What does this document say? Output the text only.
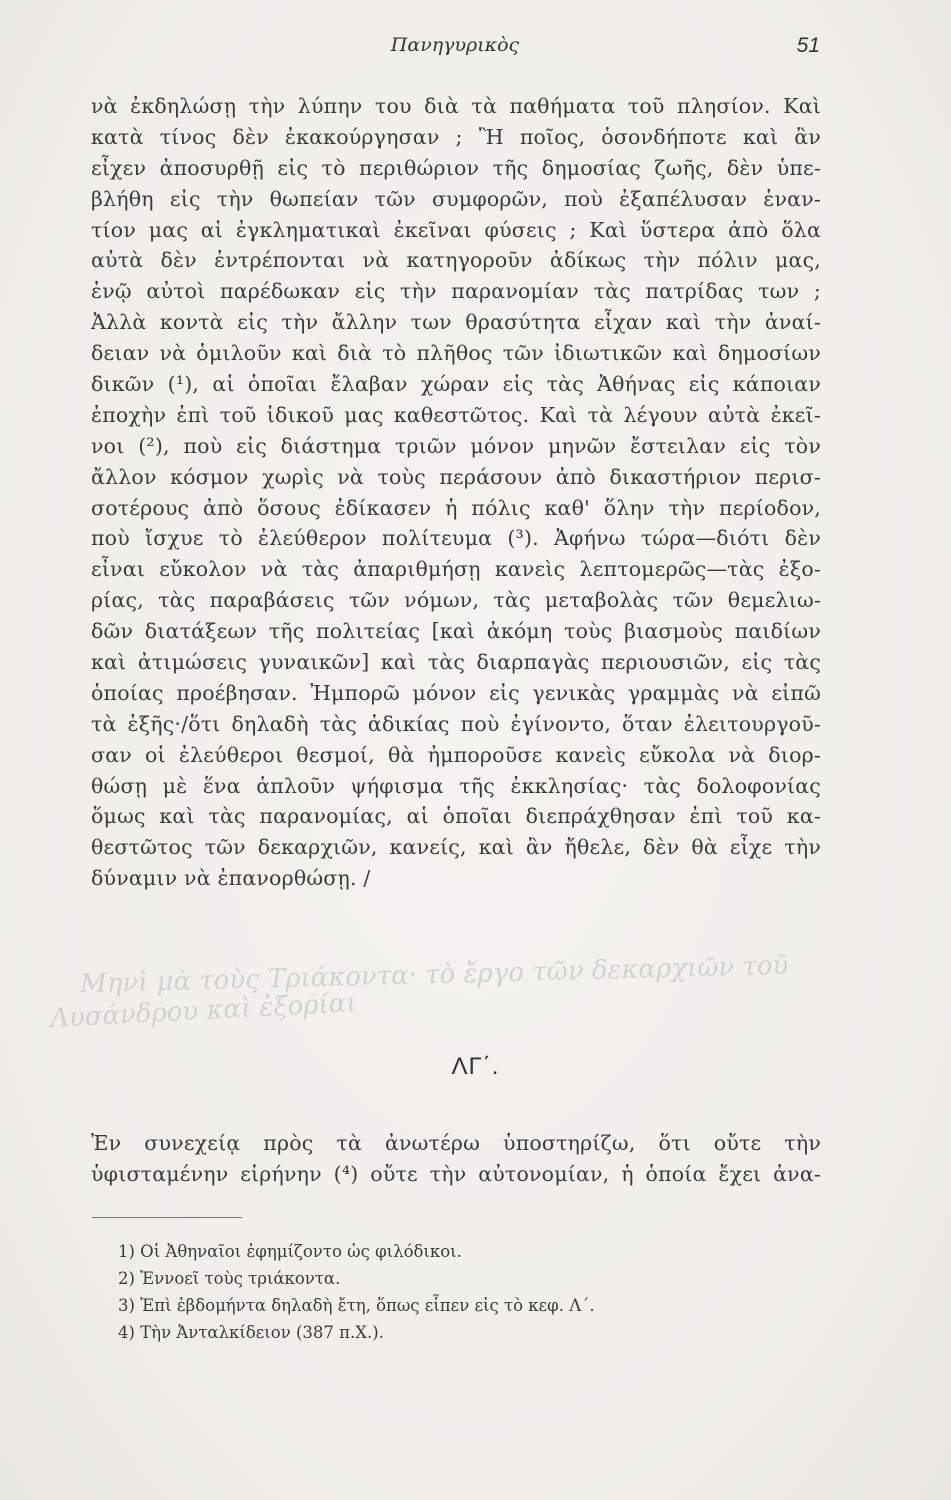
Πανηγυρικὸς	51
νὰ ἐκδηλώσῃ τὴν λύπην του διὰ τὰ παθήματα τοῦ πλησίον. Καὶ
κατὰ τίνος δὲν ἐκακούργησαν ; Ἢ ποῖος, ὁσονδήποτε καὶ ἂν
εἶχεν ἀποσυρθῇ εἰς τὸ περιθώριον τῆς δημοσίας ζωῆς, δὲν ὑπε-
βλήθη εἰς τὴν θωπείαν τῶν συμφορῶν, ποὺ ἐξαπέλυσαν ἐναν-
τίον μας αἱ ἐγκληματικαὶ ἐκεῖναι φύσεις ; Καὶ ὕστερα ἀπὸ ὅλα
αὐτὰ δὲν ἐντρέπονται νὰ κατηγοροῦν ἀδίκως τὴν πόλιν μας,
ἐνῷ αὐτοὶ παρέδωκαν εἰς τὴν παρανομίαν τὰς πατρίδας των ;
Ἀλλὰ κοντὰ εἰς τὴν ἄλλην των θρασύτητα εἶχαν καὶ τὴν ἀναί-
δειαν νὰ ὁμιλοῦν καὶ διὰ τὸ πλῆθος τῶν ἰδιωτικῶν καὶ δημοσίων
δικῶν (¹), αἱ ὁποῖαι ἔλαβαν χώραν εἰς τὰς Ἀθήνας εἰς κάποιαν
ἐποχὴν ἐπὶ τοῦ ἰδικοῦ μας καθεστῶτος. Καὶ τὰ λέγουν αὐτὰ ἐκεῖ-
νοι (²), ποὺ εἰς διάστημα τριῶν μόνον μηνῶν ἔστειλαν εἰς τὸν
ἄλλον κόσμον χωρὶς νὰ τοὺς περάσουν ἀπὸ δικαστήριον περισ-
σοτέρους ἀπὸ ὅσους ἐδίκασεν ἡ πόλις καθ' ὅλην τὴν περίοδον,
ποὺ ἴσχυε τὸ ἐλεύθερον πολίτευμα (³). Ἀφήνω τώρα—διότι δὲν
εἶναι εὔκολον νὰ τὰς ἀπαριθμήσῃ κανεὶς λεπτομερῶς—τὰς ἐξο-
ρίας, τὰς παραβάσεις τῶν νόμων, τὰς μεταβολὰς τῶν θεμελιω-
δῶν διατάξεων τῆς πολιτείας [καὶ ἀκόμη τοὺς βιασμοὺς παιδίων
καὶ ἀτιμώσεις γυναικῶν] καὶ τὰς διαρπαγὰς περιουσιῶν, εἰς τὰς
ὁποίας προέβησαν. Ἠμπορῶ μόνον εἰς γενικὰς γραμμὰς νὰ εἰπῶ
τὰ ἑξῆς·/ὅτι δηλαδὴ τὰς ἀδικίας ποὺ ἐγίνοντο, ὅταν ἐλειτουργοῦ-
σαν οἱ ἐλεύθεροι θεσμοί, θὰ ἠμποροῦσε κανεὶς εὔκολα νὰ διορ-
θώσῃ μὲ ἕνα ἁπλοῦν ψήφισμα τῆς ἐκκλησίας· τὰς δολοφονίας
ὅμως καὶ τὰς παρανομίας, αἱ ὁποῖαι διεπράχθησαν ἐπὶ τοῦ κα-
θεστῶτος τῶν δεκαρχιῶν, κανείς, καὶ ἂν ἤθελε, δὲν θὰ εἶχε τὴν
δύναμιν νὰ ἐπανορθώσῃ. /
Μηνὶ μὰ τοὺς Τριάκοντα· τὸ ἔργο τῶν δεκαρχιῶν τοῦ
Λυσάνδρου καὶ ἐξορίαι
ΛΓ΄.
Ἐν συνεχείᾳ πρὸς τὰ ἀνωτέρω ὑποστηρίζω, ὅτι οὔτε τὴν
ὑφισταμένην εἰρήνην (⁴) οὔτε τὴν αὐτονομίαν, ἡ ὁποία ἔχει ἀνα-
1) Οἱ Ἀθηναῖοι ἐφημίζοντο ὡς φιλόδικοι.
2) Ἐννοεῖ τοὺς τριάκοντα.
3) Ἐπὶ ἑβδομήντα δηλαδὴ ἔτη, ὅπως εἶπεν εἰς τὸ κεφ. Λ΄.
4) Τὴν Ἀνταλκίδειον (387 π.Χ.).
